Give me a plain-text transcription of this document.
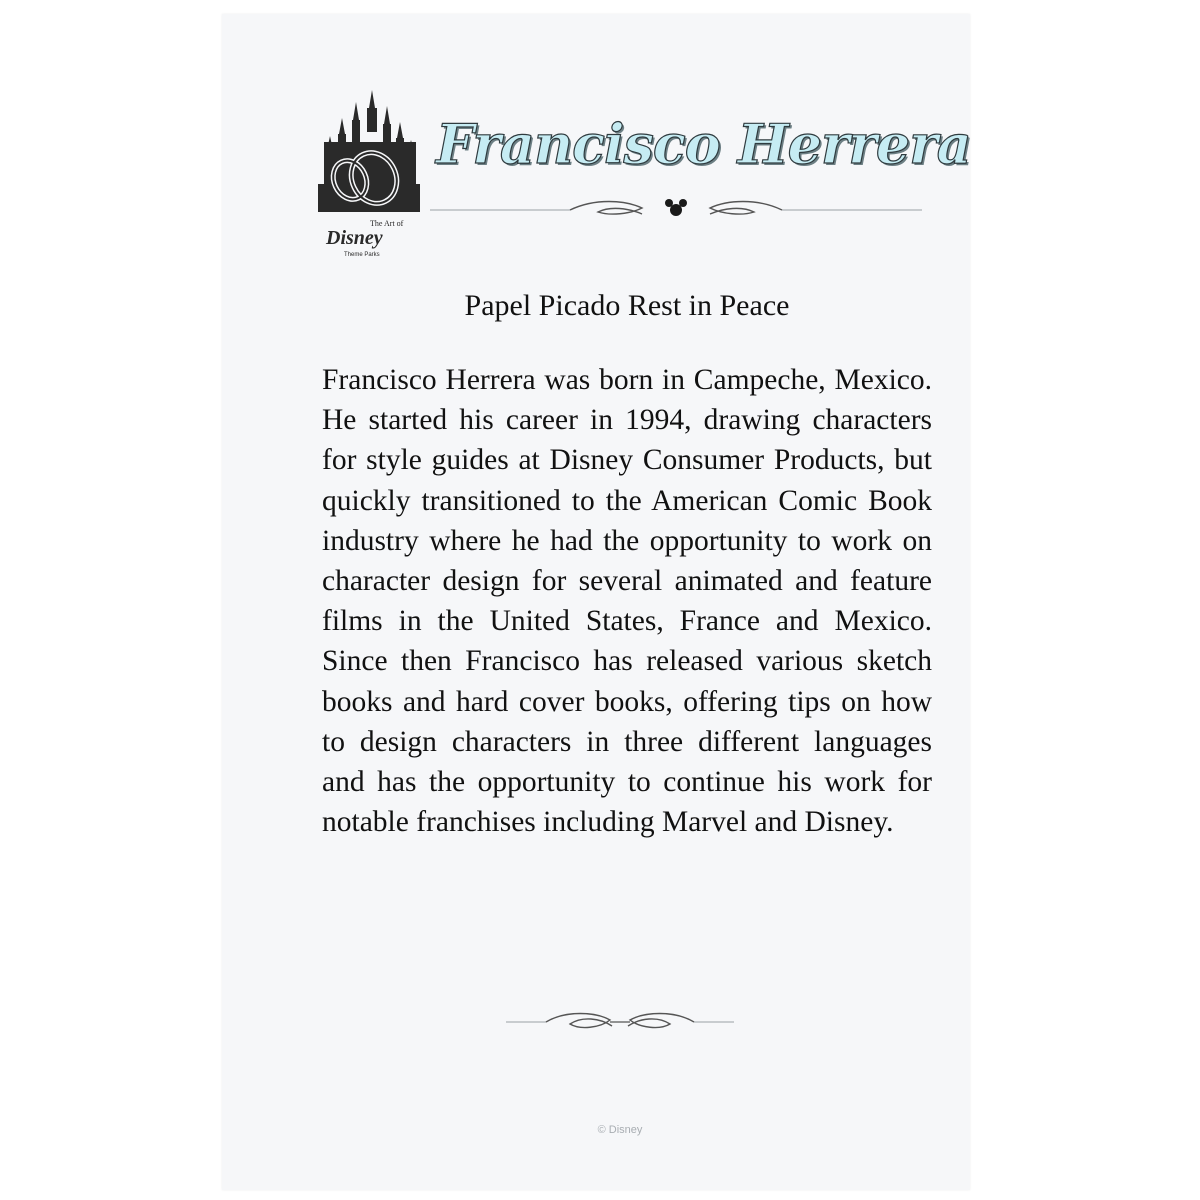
The Art of
Disney
Theme Parks
Francisco Herrera

Papel Picado Rest in Peace

Francisco Herrera was born in Campeche, Mexico. He started his career in 1994, drawing characters for style guides at Disney Consumer Products, but quickly transitioned to the American Comic Book industry where he had the opportunity to work on character design for several animated and feature films in the United States, France and Mexico. Since then Francisco has released various sketch books and hard cover books, offering tips on how to design characters in three different languages and has the opportunity to continue his work for notable franchises including Marvel and Disney.

© Disney
